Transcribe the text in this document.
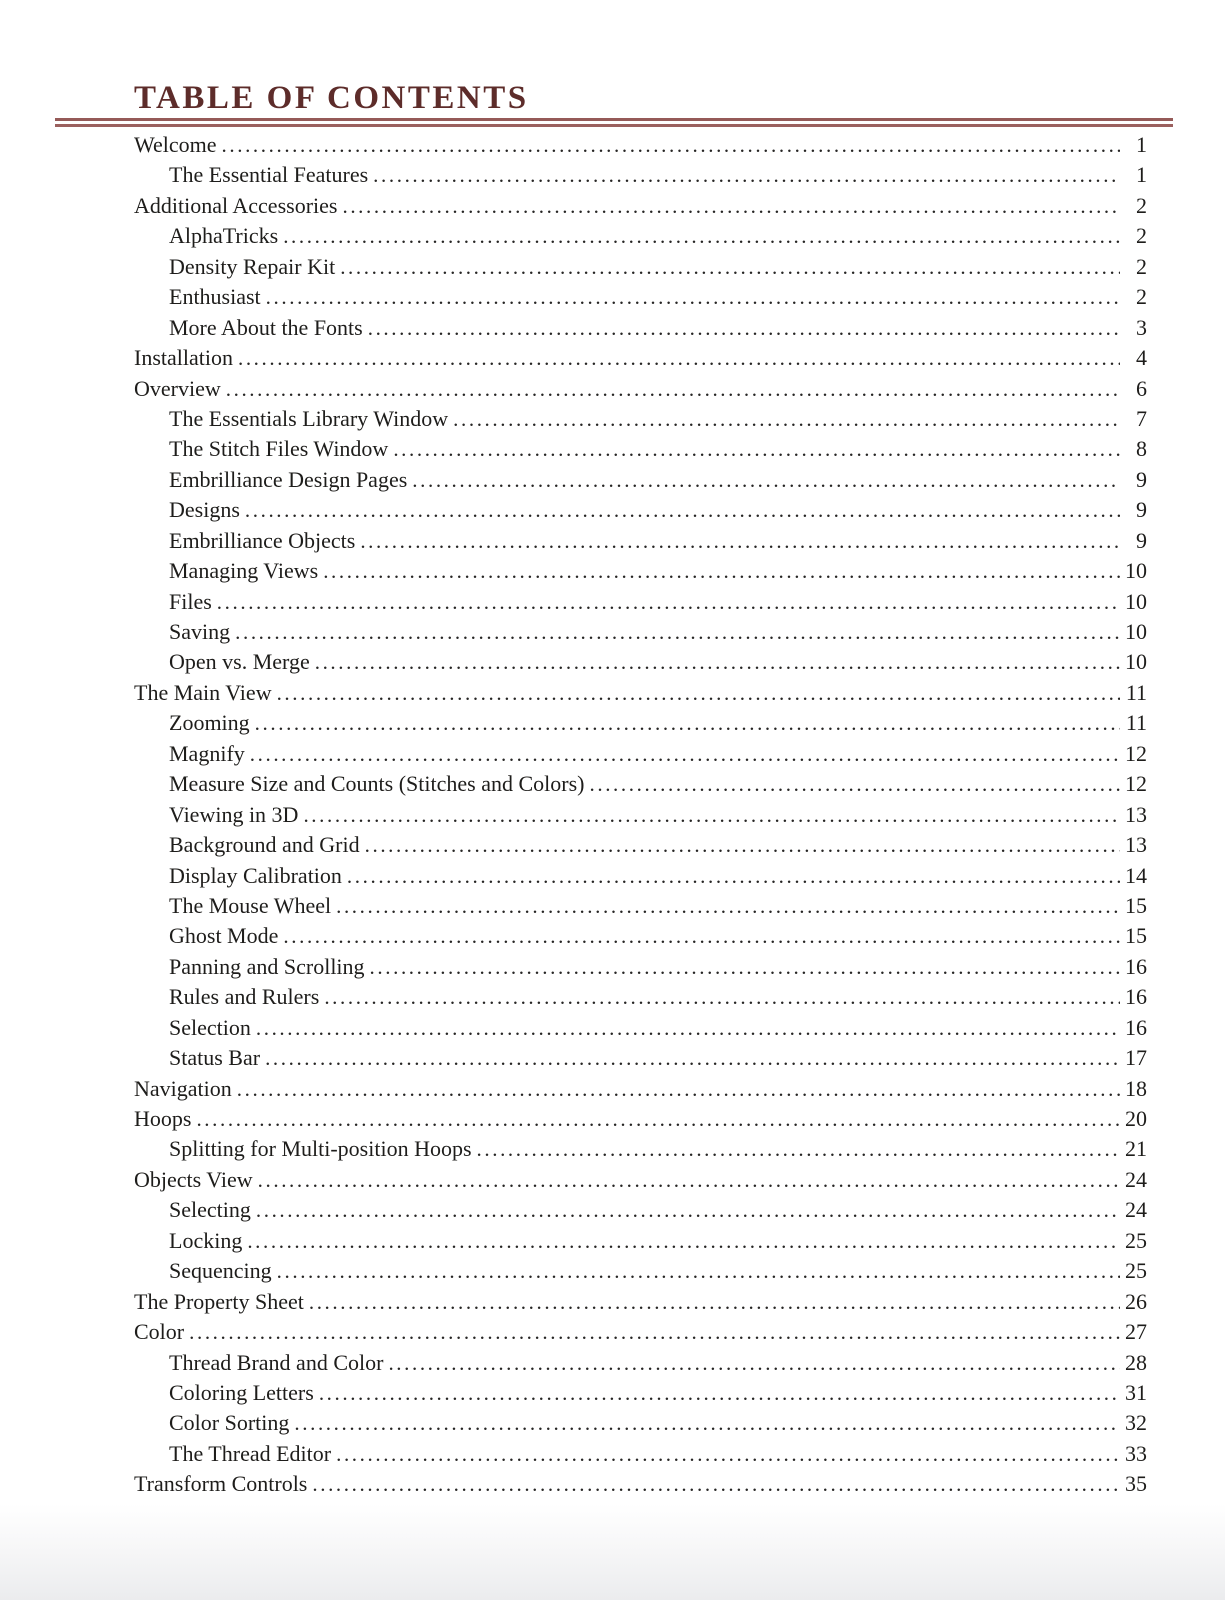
TABLE OF CONTENTS
Welcome .....	1
The Essential Features .....	1
Additional Accessories .....	2
AlphaTricks .....	2
Density Repair Kit .....	2
Enthusiast .....	2
More About the Fonts .....	3
Installation .....	4
Overview .....	6
The Essentials Library Window .....	7
The Stitch Files Window .....	8
Embrilliance Design Pages .....	9
Designs .....	9
Embrilliance Objects .....	9
Managing Views .....	10
Files .....	10
Saving .....	10
Open vs. Merge .....	10
The Main View .....	11
Zooming .....	11
Magnify .....	12
Measure Size and Counts (Stitches and Colors) .....	12
Viewing in 3D .....	13
Background and Grid .....	13
Display Calibration .....	14
The Mouse Wheel .....	15
Ghost Mode .....	15
Panning and Scrolling .....	16
Rules and Rulers .....	16
Selection .....	16
Status Bar .....	17
Navigation .....	18
Hoops .....	20
Splitting for Multi-position Hoops .....	21
Objects View .....	24
Selecting .....	24
Locking .....	25
Sequencing .....	25
The Property Sheet .....	26
Color .....	27
Thread Brand and Color .....	28
Coloring Letters .....	31
Color Sorting .....	32
The Thread Editor .....	33
Transform Controls .....	35
